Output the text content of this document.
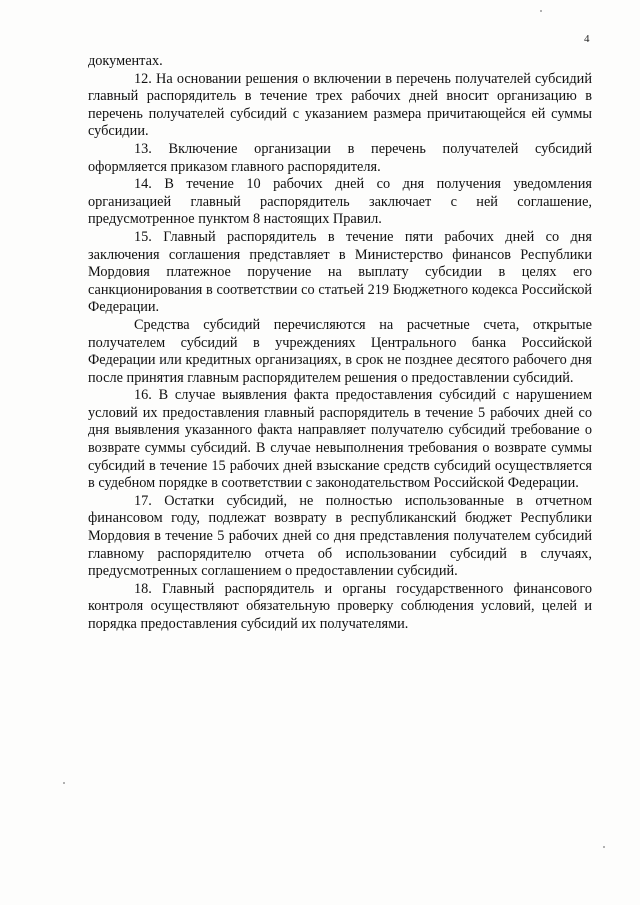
4

документах.

12. На основании решения о включении в перечень получателей субсидий главный распорядитель в течение трех рабочих дней вносит организацию в перечень получателей субсидий с указанием размера причитающейся ей суммы субсидии.

13. Включение организации в перечень получателей субсидий оформляется приказом главного распорядителя.

14. В течение 10 рабочих дней со дня получения уведомления организацией главный распорядитель заключает с ней соглашение, предусмотренное пунктом 8 настоящих Правил.

15. Главный распорядитель в течение пяти рабочих дней со дня заключения соглашения представляет в Министерство финансов Республики Мордовия платежное поручение на выплату субсидии в целях его санкционирования в соответствии со статьей 219 Бюджетного кодекса Российской Федерации.

Средства субсидий перечисляются на расчетные счета, открытые получателем субсидий в учреждениях Центрального банка Российской Федерации или кредитных организациях, в срок не позднее десятого рабочего дня после принятия главным распорядителем решения о предоставлении субсидий.

16. В случае выявления факта предоставления субсидий с нарушением условий их предоставления главный распорядитель в течение 5 рабочих дней со дня выявления указанного факта направляет получателю субсидий требование о возврате суммы субсидий. В случае невыполнения требования о возврате суммы субсидий в течение 15 рабочих дней взыскание средств субсидий осуществляется в судебном порядке в соответствии с законодательством Российской Федерации.

17. Остатки субсидий, не полностью использованные в отчетном финансовом году, подлежат возврату в республиканский бюджет Республики Мордовия в течение 5 рабочих дней со дня представления получателем субсидий главному распорядителю отчета об использовании субсидий в случаях, предусмотренных соглашением о предоставлении субсидий.

18. Главный распорядитель и органы государственного финансового контроля осуществляют обязательную проверку соблюдения условий, целей и порядка предоставления субсидий их получателями.
